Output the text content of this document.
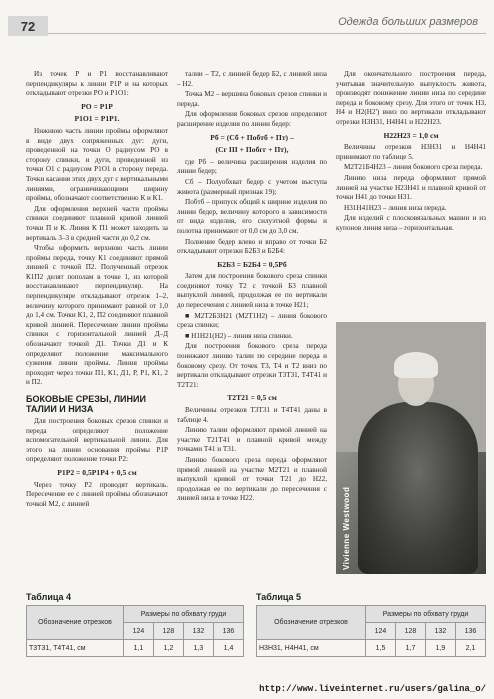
72	Одежда больших размеров

Из точек Р и Р1 восстанавливают перпендикуляры к линии Р1Р и на которых откладывают отрезки РО и Р1О1:

РО = Р1Р

Р1О1 = Р1Р1.

Нижнюю часть линии проймы оформляют в виде двух сопряженных дуг: дуги, проведенной на точки О радиусом РО в сторону спинки, и дуги, проведенной из точки О1 с радиусом Р1О1 в сторону переда. Точки касания этих двух дуг с вертикальными линиями, ограничивающими ширину проймы, обозначают соответственно К и К1.

Для оформления верхней части проймы спинки соединяют плавной кривой линией точки П и К. Линия К П1 может заходить за вертикаль 3–3 в средней части до 0,2 см.

Чтобы оформить верхнюю часть линии проймы переда, точку К1 соединяют прямой линией с точкой П2. Полученный отрезок К1П2 делят пополам в точке 1, из которой восстанавливают перпендикуляр. На перпендикуляре откладывают отрезок 1–2, величину которого принимают равной от 1,0 до 1,4 см. Точки К1, 2, П2 соединяют плавной кривой линией. Пересечение линии проймы спинки с горизонтальной линией Д–Д обозначают точкой Д1. Точки Д1 и К определяют положение максимального сужения линии проймы. Линия проймы проходит через точки П1, К1, Д1, Р, Р1, К1, 2 и П2.

БОКОВЫЕ СРЕЗЫ, ЛИНИИ ТАЛИИ И НИЗА

Для построения боковых срезов спинки и переда определяют положение вспомогательной вертикальной линии. Для этого на линии основания проймы Р1Р определяют положение точки Р2:

Р1Р2 = 0,5Р1Р4 + 0,5 см

Через точку Р2 проводят вертикаль. Пересечение ее с линией проймы обозначают точкой М2, с линией

талии – Т2, с линией бедер Б2, с линией низа – Н2.

Точка М2 – вершина боковых срезов спинки и переда.

Для оформления боковых срезов определяют расширение изделия по линии бедер:

Рб = (Сб + Побтб + Пт) –

(Сг III + Побгг + Пт),

где Рб – величина расширения изделия по линии бедер;

Сб – Полуобхват бедер с учетом выступа живота (размерный признак 19);

Побтб – припуск общий к ширине изделия по линии бедер, величину которого в зависимости от вида изделия, его силуэтной формы и полотна принимают от 0,0 см до 3,0 см.

Полнение бедер влево и вправо от точки Б2 откладывают отрезки Б2Б3 и Б2Б4:

Б2Б3 = Б2Б4 = 0,5Рб

Затем для построения бокового среза спинки соединяют точку Т2 с точкой Б3 плавной выпуклой линией, продолжая ее по вертикали до пересечения с линией низа в точке Н21;

■ М2Т2Б3Н21 (М2Т1Н2) – линия бокового среза спинки;

■ Н1Н21(Н2) – линия низа спинки.

Для построения бокового среза переда понижают линию талии по середине переда и боковому срезу. От точек Т3, Т4 и Т2 вниз по вертикали откладывают отрезки Т3Т31, Т4Т41 и Т2Т21:

Т2Т21 = 0,5 см

Величины отрезков Т3Т31 и Т4Т41 даны в таблице 4.

Линию талии оформляют прямой линией на участке Т21Т41 и плавной кривой между точками Т41 и Т31.

Линию бокового среза переда оформляют прямой линией на участке М2Т21 и плавной выпуклой кривой от точки Т21 до Н22, продолжая ее по вертикали до пересечения с линией низа в точке Н22.

Для окончательного построения переда, учитывая значительную выпуклость живота, производят понижение линии низа по середине переда и боковому срезу. Для этого от точек Н3, Н4 и Н2(Н2') вниз по вертикали откладывают отрезки Н3Н31, Н4Н41 и Н22Н23.

Н22Н23 = 1,0 см

Величины отрезков Н3Н31 и Н4Н41 принимают по таблице 5.

М2Т21Б4Н23 – линия бокового среза переда.

Линию низа переда оформляют прямой линией на участке Н23Н41 и плавной кривой от точки Н41 до точки Н31.

Н31Н41Н23 – линия низа переда.

Для изделий с плосковязальных машин и из купонов линия низа – горизонтальная.

Vivienne Westwood
Таблица 4
Обозначение отрезков	Размеры по обхвату груди			
	124	128	132	136
Т3Т31, Т4Т41, см	1,1	1,2	1,3	1,4
Таблица 5
Обозначение отрезков	Размеры по обхвату груди			
	124	128	132	136
Н3Н31, Н4Н41, см	1,5	1,7	1,9	2,1
http://www.liveinternet.ru/users/galina_o/
